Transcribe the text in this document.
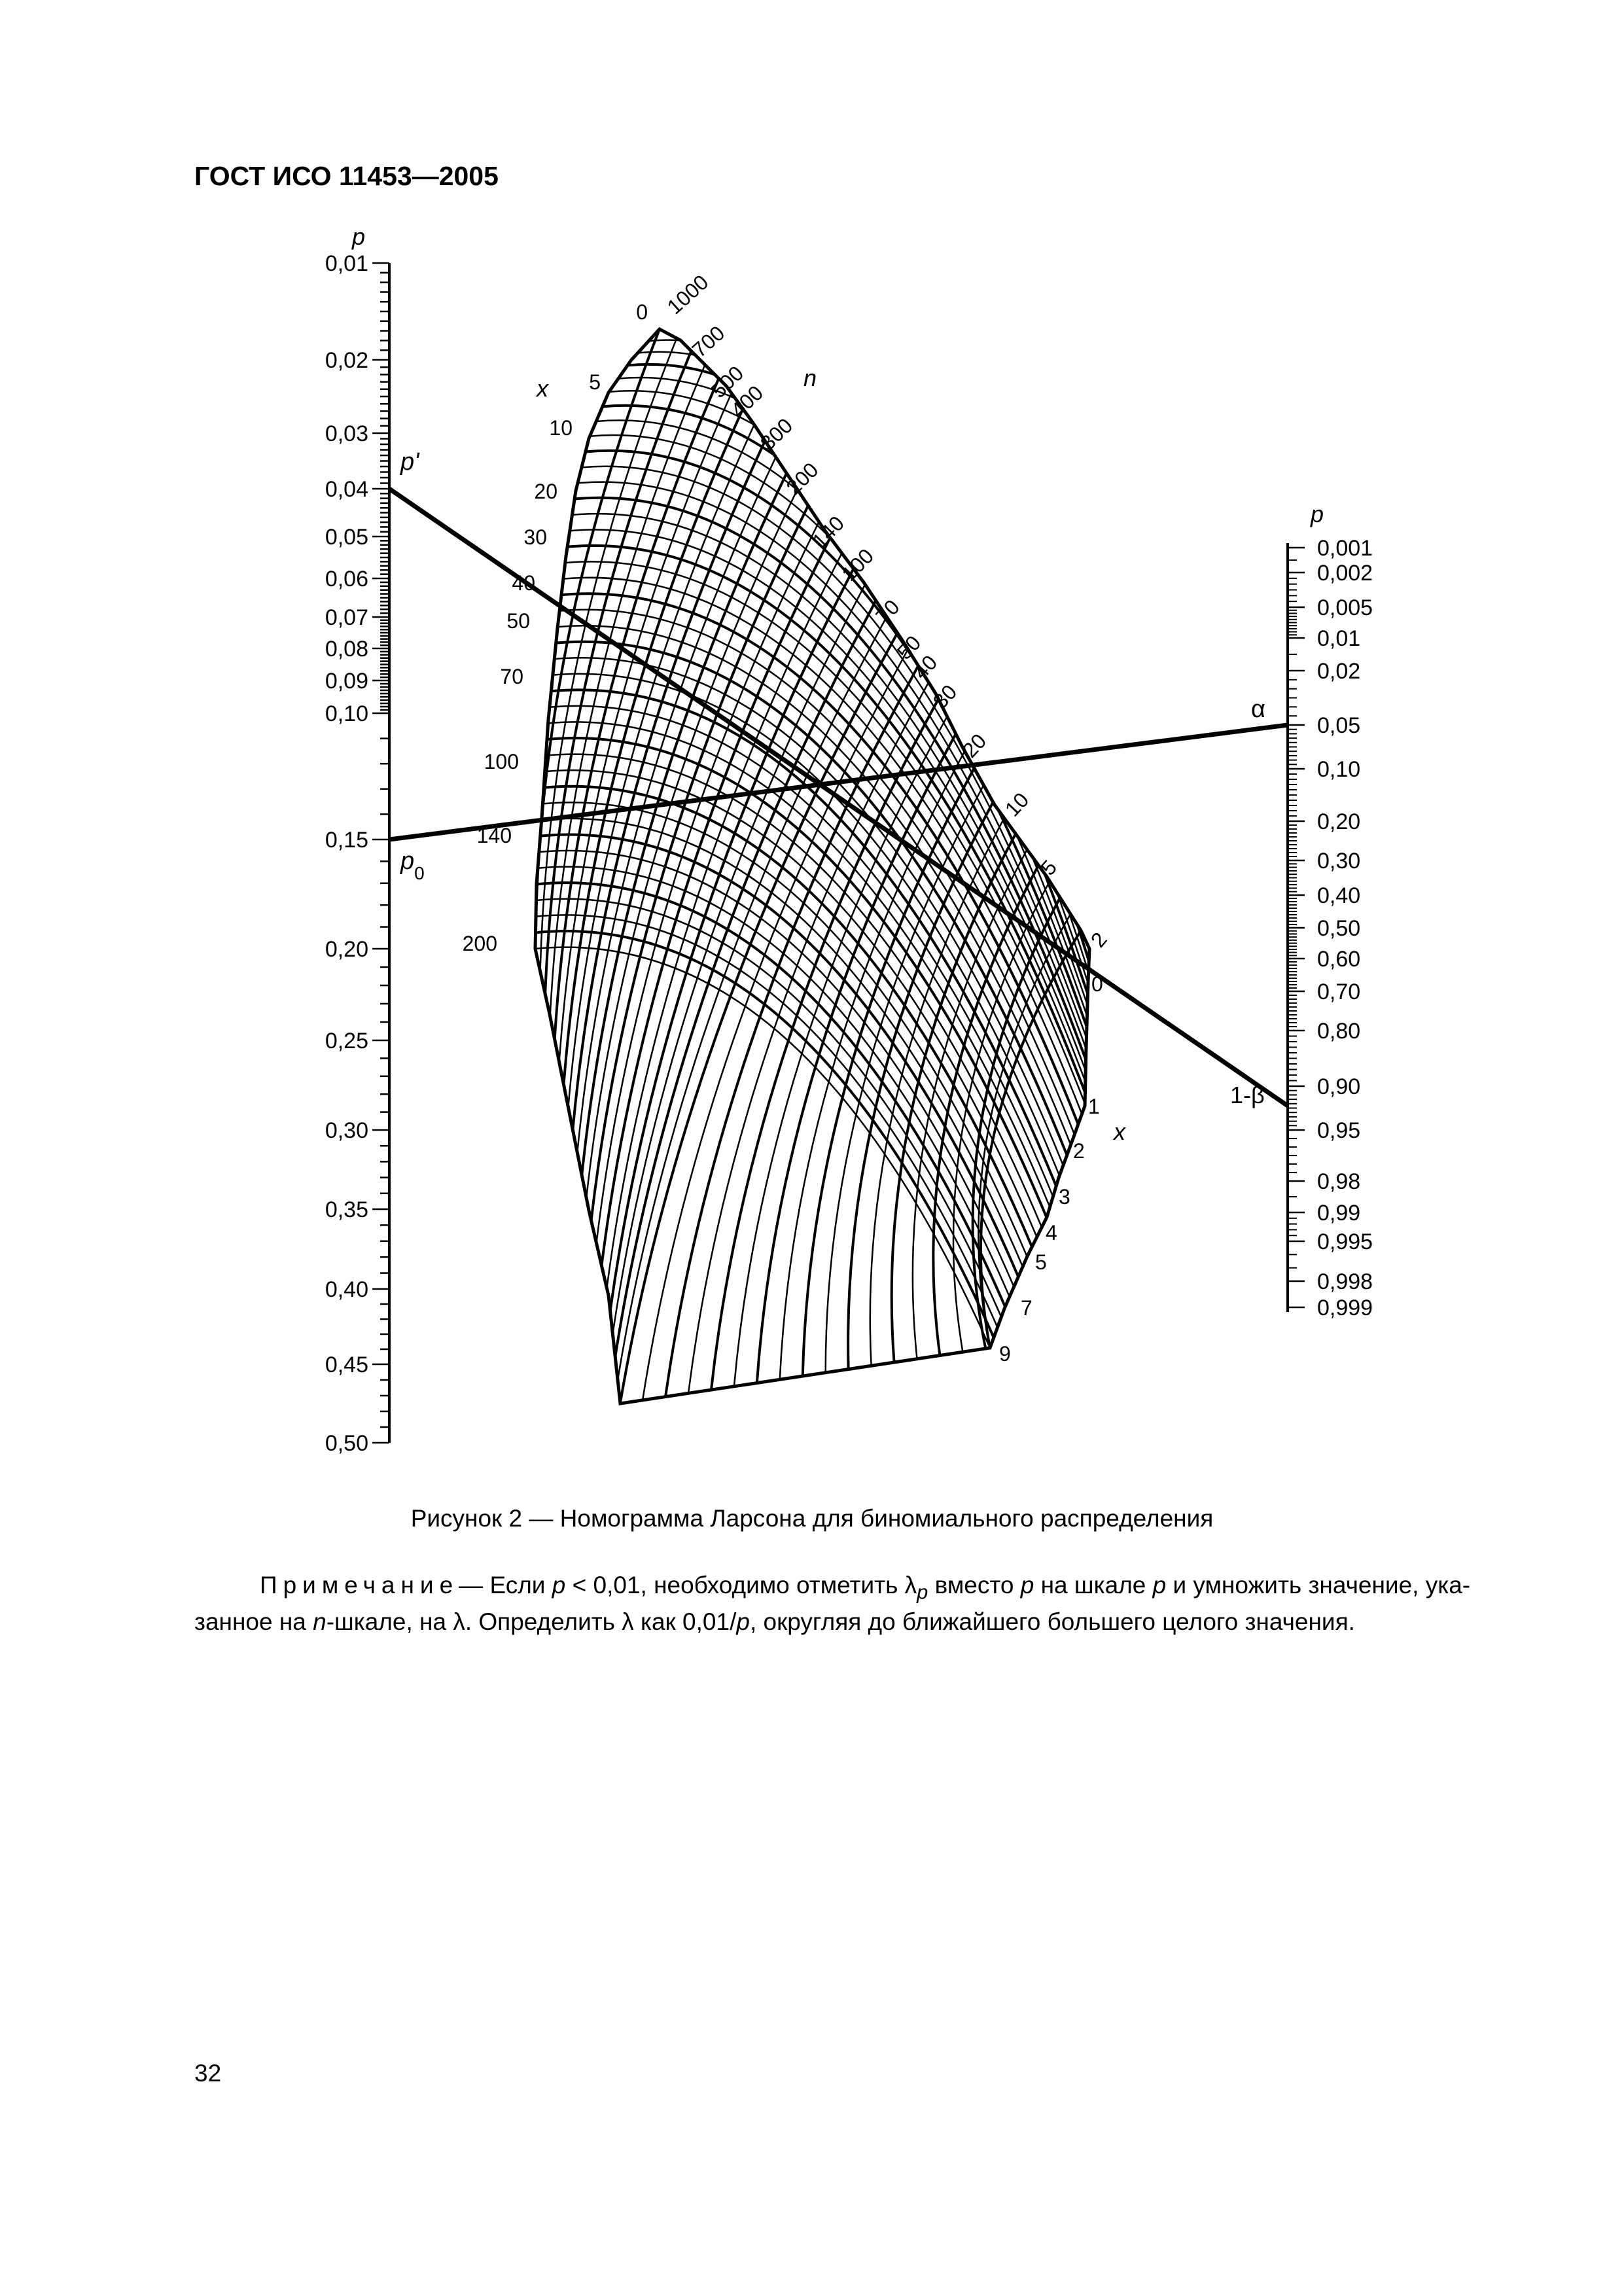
ГОСТ ИСО 11453—2005
0,01
0,02
0,03
0,04
0,05
0,06
0,07
0,08
0,09
0,10
0,15
0,20
0,25
0,30
0,35
0,40
0,45
0,50
0,001
0,002
0,005
0,01
0,02
0,05
0,10
0,20
0,30
0,40
0,50
0,60
0,70
0,80
0,90
0,95
0,98
0,99
0,995
0,998
0,999
p
p
p'
$p_0$
α
1-β
x
x
n
0
5
10
20
30
40
50
70
100
140
200
1000
700
500
400
300
200
140
100
70
50
40
30
20
10
5
2
0
1
2
3
4
5
7
9
Рисунок 2 — Номограмма Ларсона для биномиального распределения
Примечание— Если p < 0,01, необходимо отметить $\lambda_p$ вместо p на шкале p и умножить значение, ука-
занное на n-шкале, на λ. Определить λ как 0,01/p, округляя до ближайшего большего целого значения.
32
